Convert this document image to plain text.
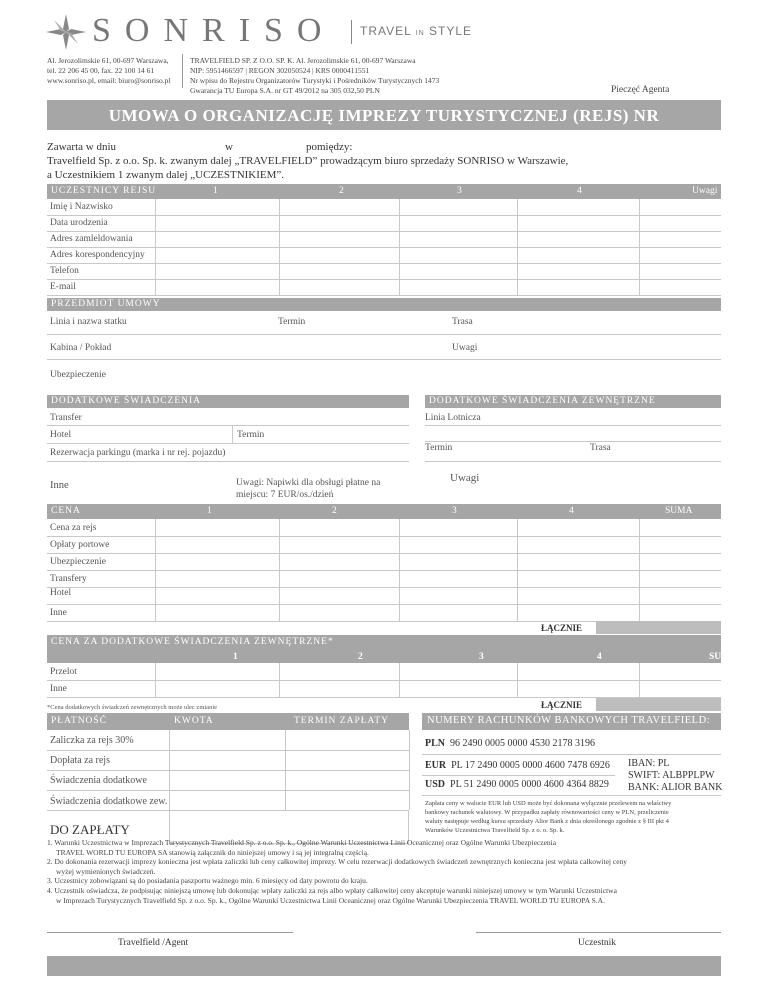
SONRISO TRAVEL IN STYLE
Al. Jerozolimskie 61, 00-697 Warszawa,
tel. 22 206 45 00, fax. 22 100 14 61
www.sonriso.pl, email: biuro@sonriso.pl
TRAVELFIELD SP. Z O.O. SP. K. Al. Jerozolimskie 61, 00-697 Warszawa
NIP: 5951466597 | REGON 302050524 | KRS 0000411551
Nr wpisu do Rejestru Organizatorów Turystyki i Pośredników Turystycznych 1473
Gwarancja TU Europa S.A. nr GT 49/2012 na 305 032,50 PLN	Pieczęć Agenta
UMOWA O ORGANIZACJĘ IMPREZY TURYSTYCZNEJ (REJS) NR
Zawarta w dniu	w	pomiędzy:
Travelfield Sp. z o.o. Sp. k. zwanym dalej „TRAVELFIELD” prowadzącym biuro sprzedaży SONRISO w Warszawie,
a Uczestnikiem 1 zwanym dalej „UCZESTNIKIEM”.
UCZESTNICY REJSU	1	2	3	4	Uwagi
Imię i Nazwisko
Data urodzenia
Adres zamleldowania
Adres korespondencyjny
Telefon
E-mail
PRZEDMIOT UMOWY
Linia i nazwa statku	Termin	Trasa
Kabina / Pokład	Uwagi
Ubezpieczenie
DODATKOWE ŚWIADCZENIA	DODATKOWE ŚWIADCZENIA ZEWNĘTRZNE
Transfer
Hotel	Termin
Rezerwacja parkingu (marka i nr rej. pojazdu)
Inne	Uwagi: Napiwki dla obsługi płatne na
miejscu: 7 EUR/os./dzień
Linia Lotnicza
Termin	Trasa
Uwagi
CENA	1	2	3	4	SUMA
Cena za rejs
Opłaty portowe
Ubezpieczenie
Transfery
Hotel
Inne
ŁĄCZNIE
CENA ZA DODATKOWE ŚWIADCZENIA ZEWNĘTRZNE*
1	2	3	4	SUMA
Przelot
Inne
*Cena dodatkowych świadczeń zewnętrznych może ulec zmianie	ŁĄCZNIE
PŁATNOŚĆ	KWOTA	TERMIN ZAPŁATY
Zaliczka za rejs 30%
Dopłata za rejs
Świadczenia dodatkowe
Świadczenia dodatkowe zew.
DO ZAPŁATY
NUMERY RACHUNKÓW BANKOWYCH TRAVELFIELD:
PLN 96 2490 0005 0000 4530 2178 3196
EUR PL 17 2490 0005 0000 4600 7478 6926
USD PL 51 2490 0005 0000 4600 4364 8829
IBAN: PL
SWIFT: ALBPPLPW
BANK: ALIOR BANK
Zapłata ceny w walucie EUR lub USD może być dokonana wyłącznie przelewem na właściwy
bankowy rachunek walutowy. W przypadku zapłaty równowartości ceny w PLN, przeliczenie
waluty następuje według kursu sprzedaży Alior Bank z dnia określonego zgodnie z § III pkt 4
Warunków Uczestnictwa Travelfield Sp. z o. o. Sp. k.
1. Warunki Uczestnictwa w Imprezach Turystycznych Travelfield Sp. z o.o. Sp. k., Ogólne Warunki Uczestnictwa Linii Oceanicznej oraz Ogólne Warunki Ubezpieczenia
TRAVEL WORLD TU EUROPA SA stanowią załącznik do niniejszej umowy i są jej integralną częścią.
2. Do dokonania rezerwacji imprezy konieczna jest wpłata zaliczki lub ceny całkowitej imprezy. W celu rezerwacji dodatkowych świadczeń zewnętrznych konieczna jest wpłata całkowitej ceny
wyżej wymienionych świadczeń.
3. Uczestnicy zobowiązani są do posiadania paszportu ważnego min. 6 miesięcy od daty powrotu do kraju.
4. Uczestnik oświadcza, że podpisując niniejszą umowę lub dokonując wpłaty zaliczki za rejs albo wpłaty całkowitej ceny akceptuje warunki niniejszej umowy w tym Warunki Uczestnictwa
w Imprezach Turystycznych Travelfield Sp. z o.o. Sp. k., Ogólne Warunki Uczestnictwa Linii Oceanicznej oraz Ogólne Warunki Ubezpieczenia TRAVEL WORLD TU EUROPA S.A.
Travelfield /Agent	Uczestnik
